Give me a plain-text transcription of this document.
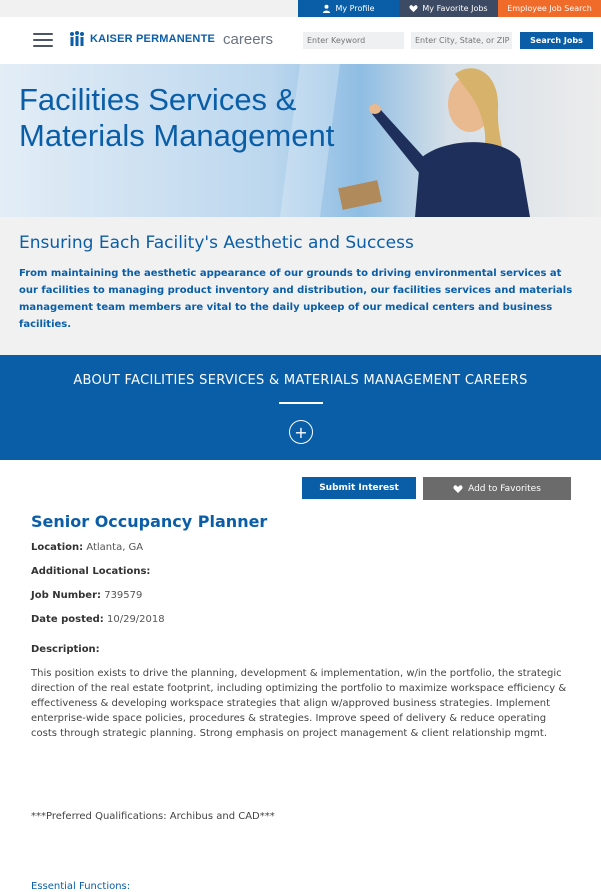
My Profile	My Favorite Jobs Employee Job Search
KAISER PERMANENTE careers
Enter Keyword
Enter City, State, or ZIP	Search Jobs
Facilities Services & Materials Management
Ensuring Each Facility's Aesthetic and Success

From maintaining the aesthetic appearance of our grounds to driving environmental services at our facilities to managing product inventory and distribution, our facilities services and materials management team members are vital to the daily upkeep of our medical centers and business facilities.

ABOUT FACILITIES SERVICES & MATERIALS MANAGEMENT CAREERS
+
Submit Interest	Add to Favorites
Senior Occupancy Planner
Location: Atlanta, GA
Additional Locations:
Job Number: 739579
Date posted: 10/29/2018
Description:

This position exists to drive the planning, development & implementation, w/in the portfolio, the strategic direction of the real estate footprint, including optimizing the portfolio to maximize workspace efficiency & effectiveness & developing workspace strategies that align w/approved business strategies. Implement enterprise-wide space policies, procedures & strategies. Improve speed of delivery & reduce operating costs through strategic planning. Strong emphasis on project management & client relationship mgmt.

***Preferred Qualifications: Archibus and CAD***
Essential Functions:
